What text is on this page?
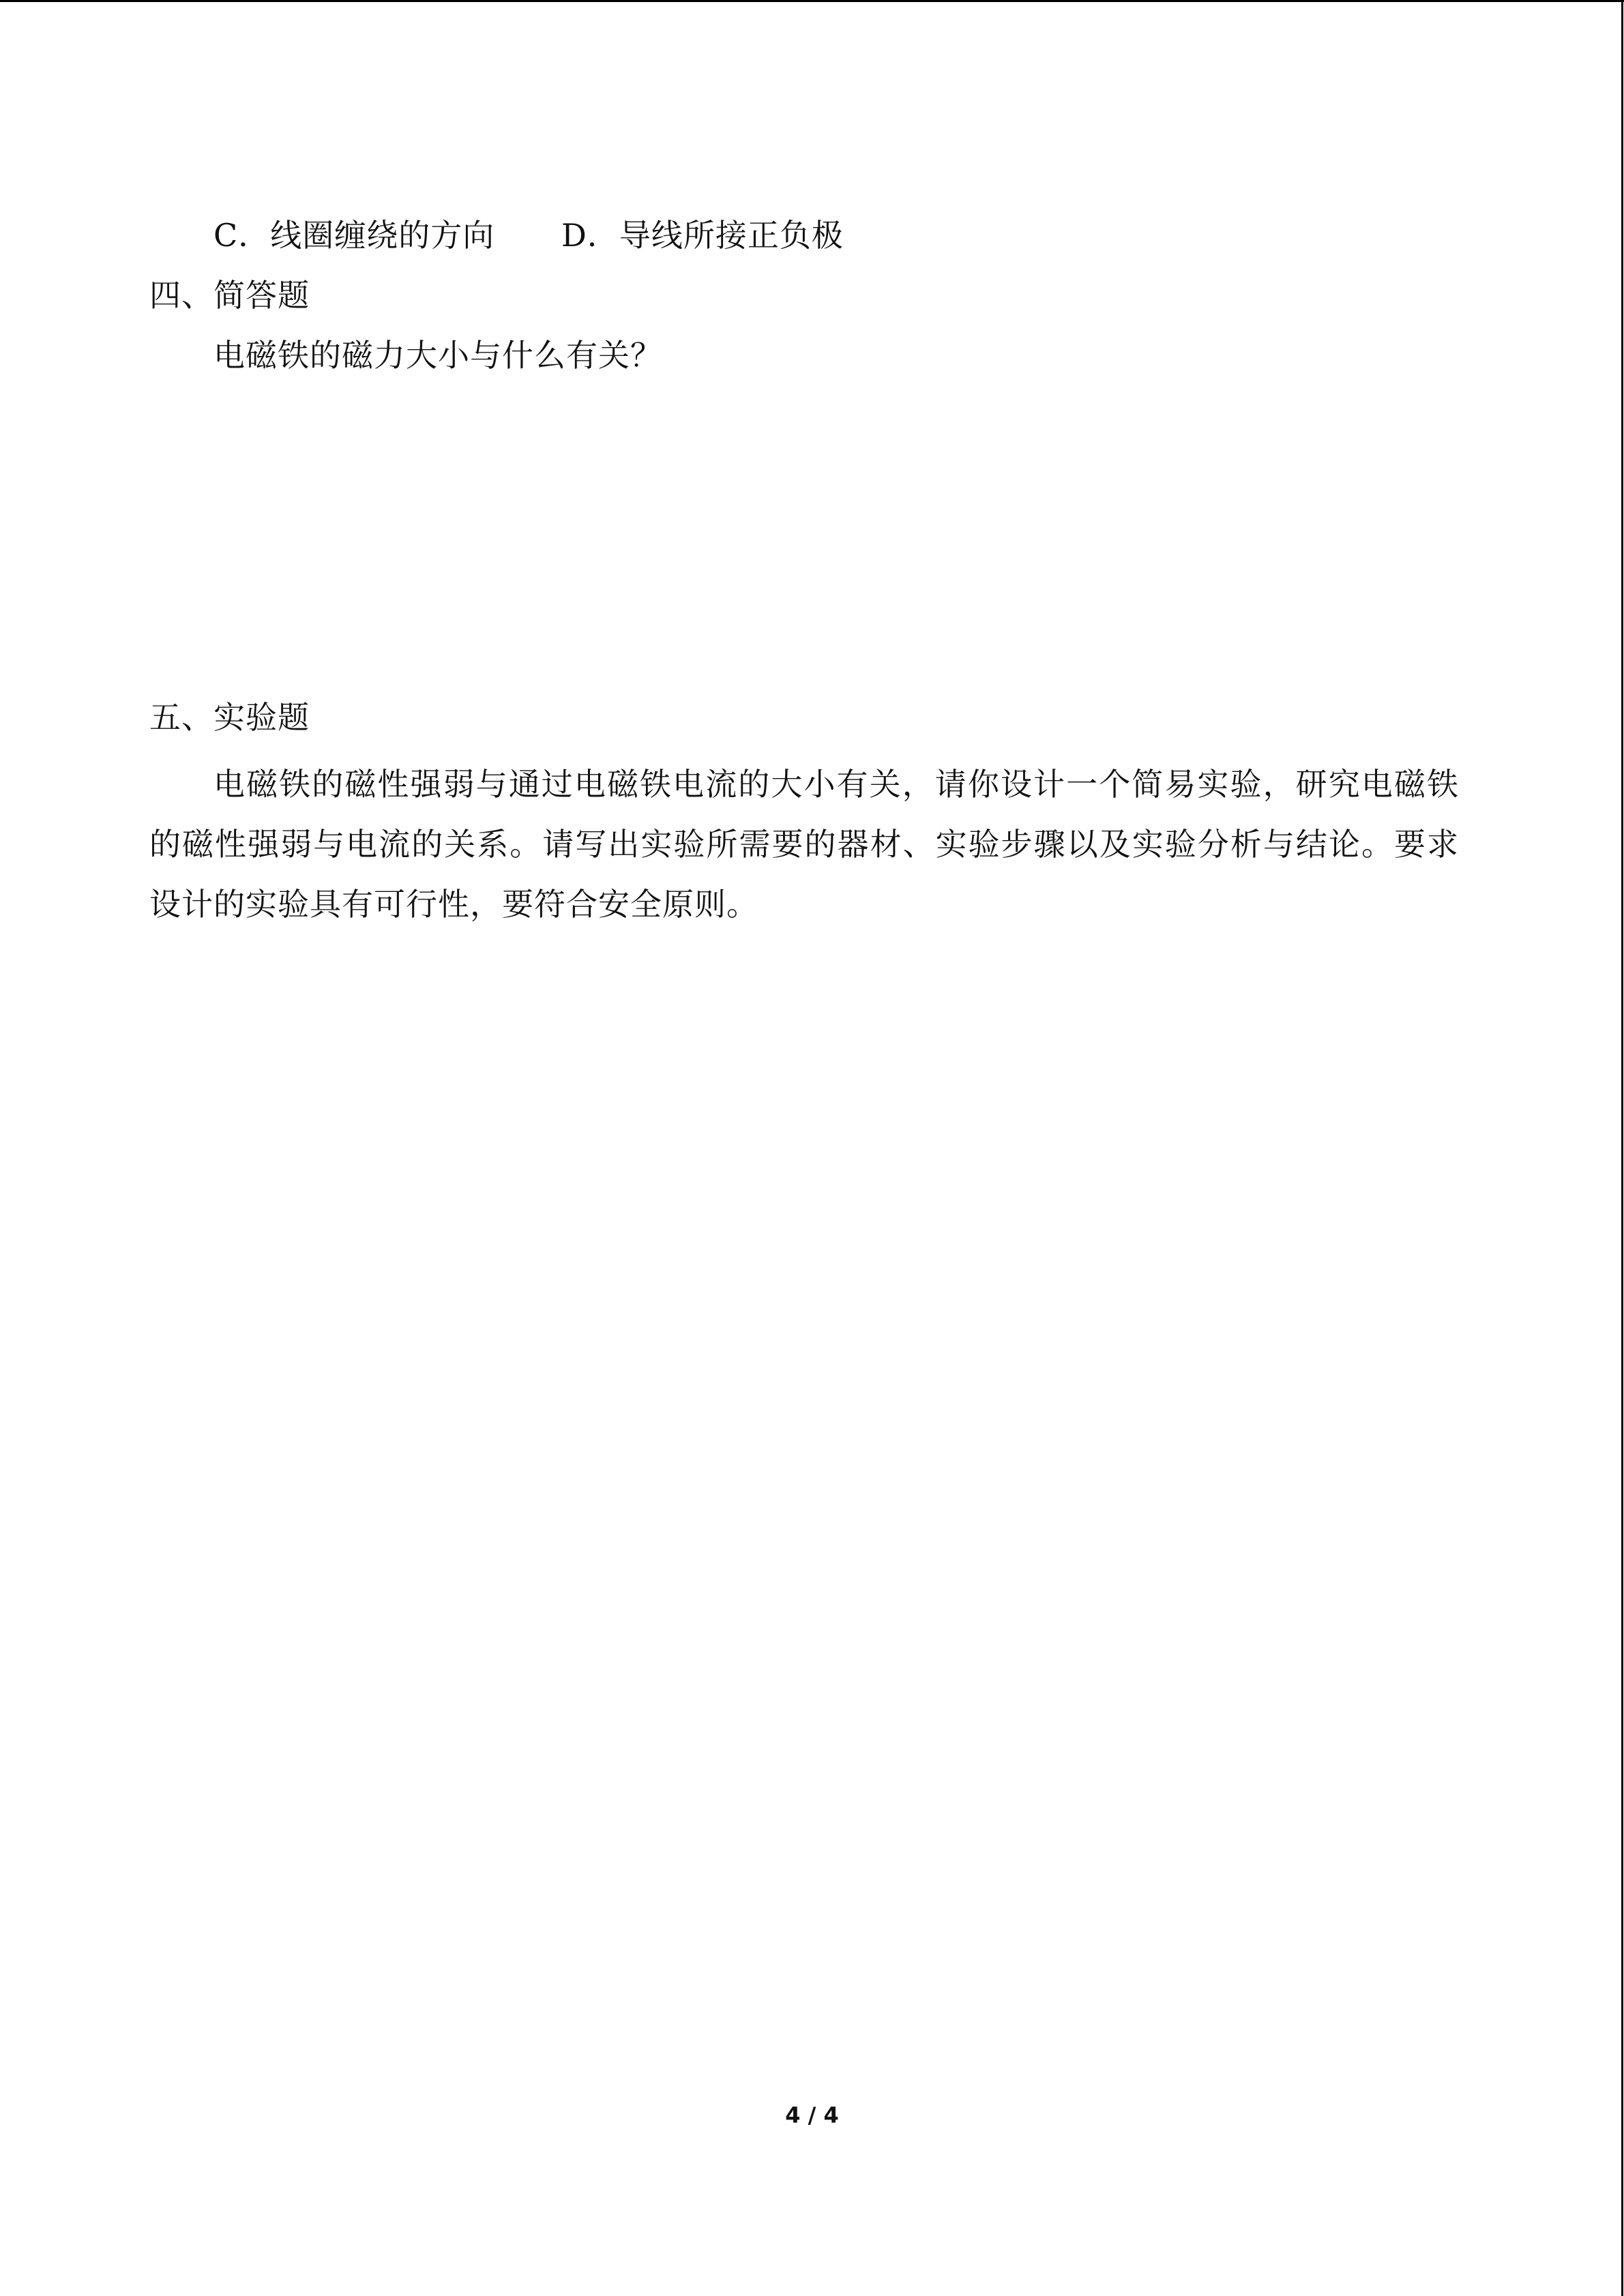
C．线圈缠绕的方向 D．导线所接正负极
四、简答题
电磁铁的磁力大小与什么有关？
五、实验题
电磁铁的磁性强弱与通过电磁铁电流的大小有关，请你设计一个简易实验，研究电磁铁的磁性强弱与电流的关系。请写出实验所需要的器材、实验步骤以及实验分析与结论。要求设计的实验具有可行性，要符合安全原则。
4 / 4
